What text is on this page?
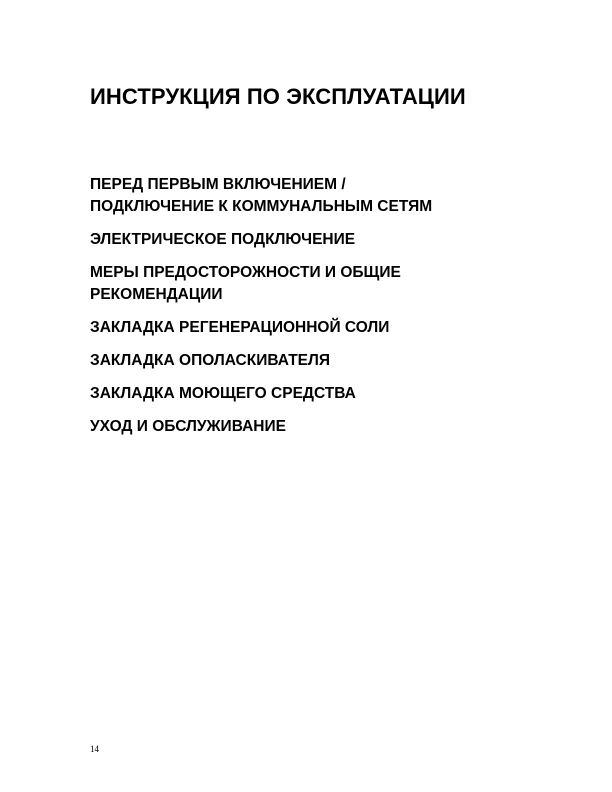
ИНСТРУКЦИЯ ПО ЭКСПЛУАТАЦИИ
ПЕРЕД ПЕРВЫМ ВКЛЮЧЕНИЕМ /
ПОДКЛЮЧЕНИЕ К КОММУНАЛЬНЫМ СЕТЯМ
ЭЛЕКТРИЧЕСКОЕ ПОДКЛЮЧЕНИЕ
МЕРЫ ПРЕДОСТОРОЖНОСТИ И ОБЩИЕ
РЕКОМЕНДАЦИИ
ЗАКЛАДКА РЕГЕНЕРАЦИОННОЙ СОЛИ
ЗАКЛАДКА ОПОЛАСКИВАТЕЛЯ
ЗАКЛАДКА МОЮЩЕГО СРЕДСТВА
УХОД И ОБСЛУЖИВАНИЕ
14
